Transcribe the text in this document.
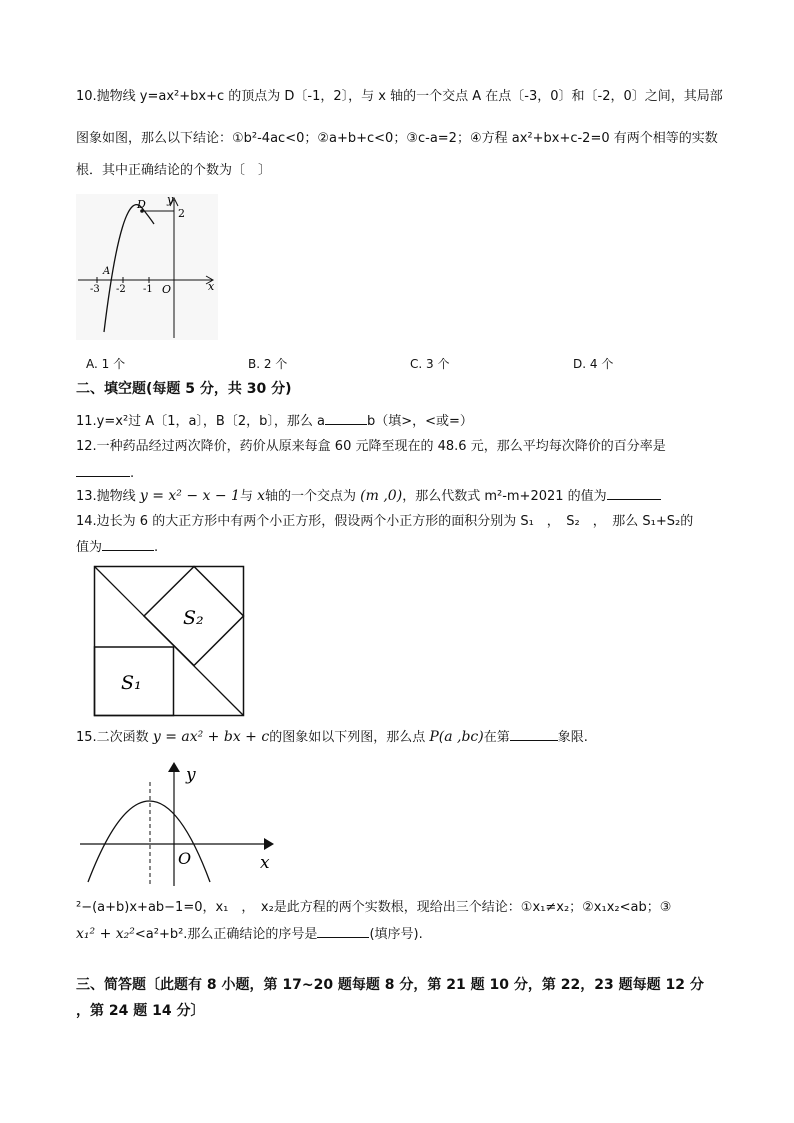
10.抛物线 y=ax²+bx+c 的顶点为 D〔-1，2〕，与 x 轴的一个交点 A 在点〔-3，0〕和〔-2，0〕之间，其局部
图象如图，那么以下结论：①b²-4ac<0；②a+b+c<0；③c-a=2；④方程 ax²+bx+c-2=0 有两个相等的实数
根．其中正确结论的个数为〔　〕
y
x
D
2
A
-3 -2 -1 O
A. 1 个	B. 2 个	C. 3 个	D. 4 个
二、填空题(每题 5 分，共 30 分)
11.y=x²过 A〔1，a〕，B〔2，b〕，那么 a	b（填>，<或=）
12.一种药品经过两次降价，药价从原来每盒 60 元降至现在的 48.6 元，那么平均每次降价的百分率是
.
13.抛物线 y = x² − x − 1与 x轴的一个交点为 (m ,0)，那么代数式 m²-m+2021 的值为
14.边长为 6 的大正方形中有两个小正方形，假设两个小正方形的面积分别为 S₁　，　S₂　，　那么 S₁+S₂的
值为	.
S₁
S₂
15.二次函数 y = ax² + bx + c的图象如以下列图，那么点 P(a ,bc)在第	象限.
y
x
O
²−(a+b)x+ab−1=0，x₁　，　x₂是此方程的两个实数根，现给出三个结论：①x₁≠x₂；②x₁x₂<ab；③
x₁² + x₂²<a²+b².那么正确结论的序号是	(填序号).
三、简答题〔此题有 8 小题，第 17~20 题每题 8 分，第 21 题 10 分，第 22，23 题每题 12 分
，第 24 题 14 分〕
